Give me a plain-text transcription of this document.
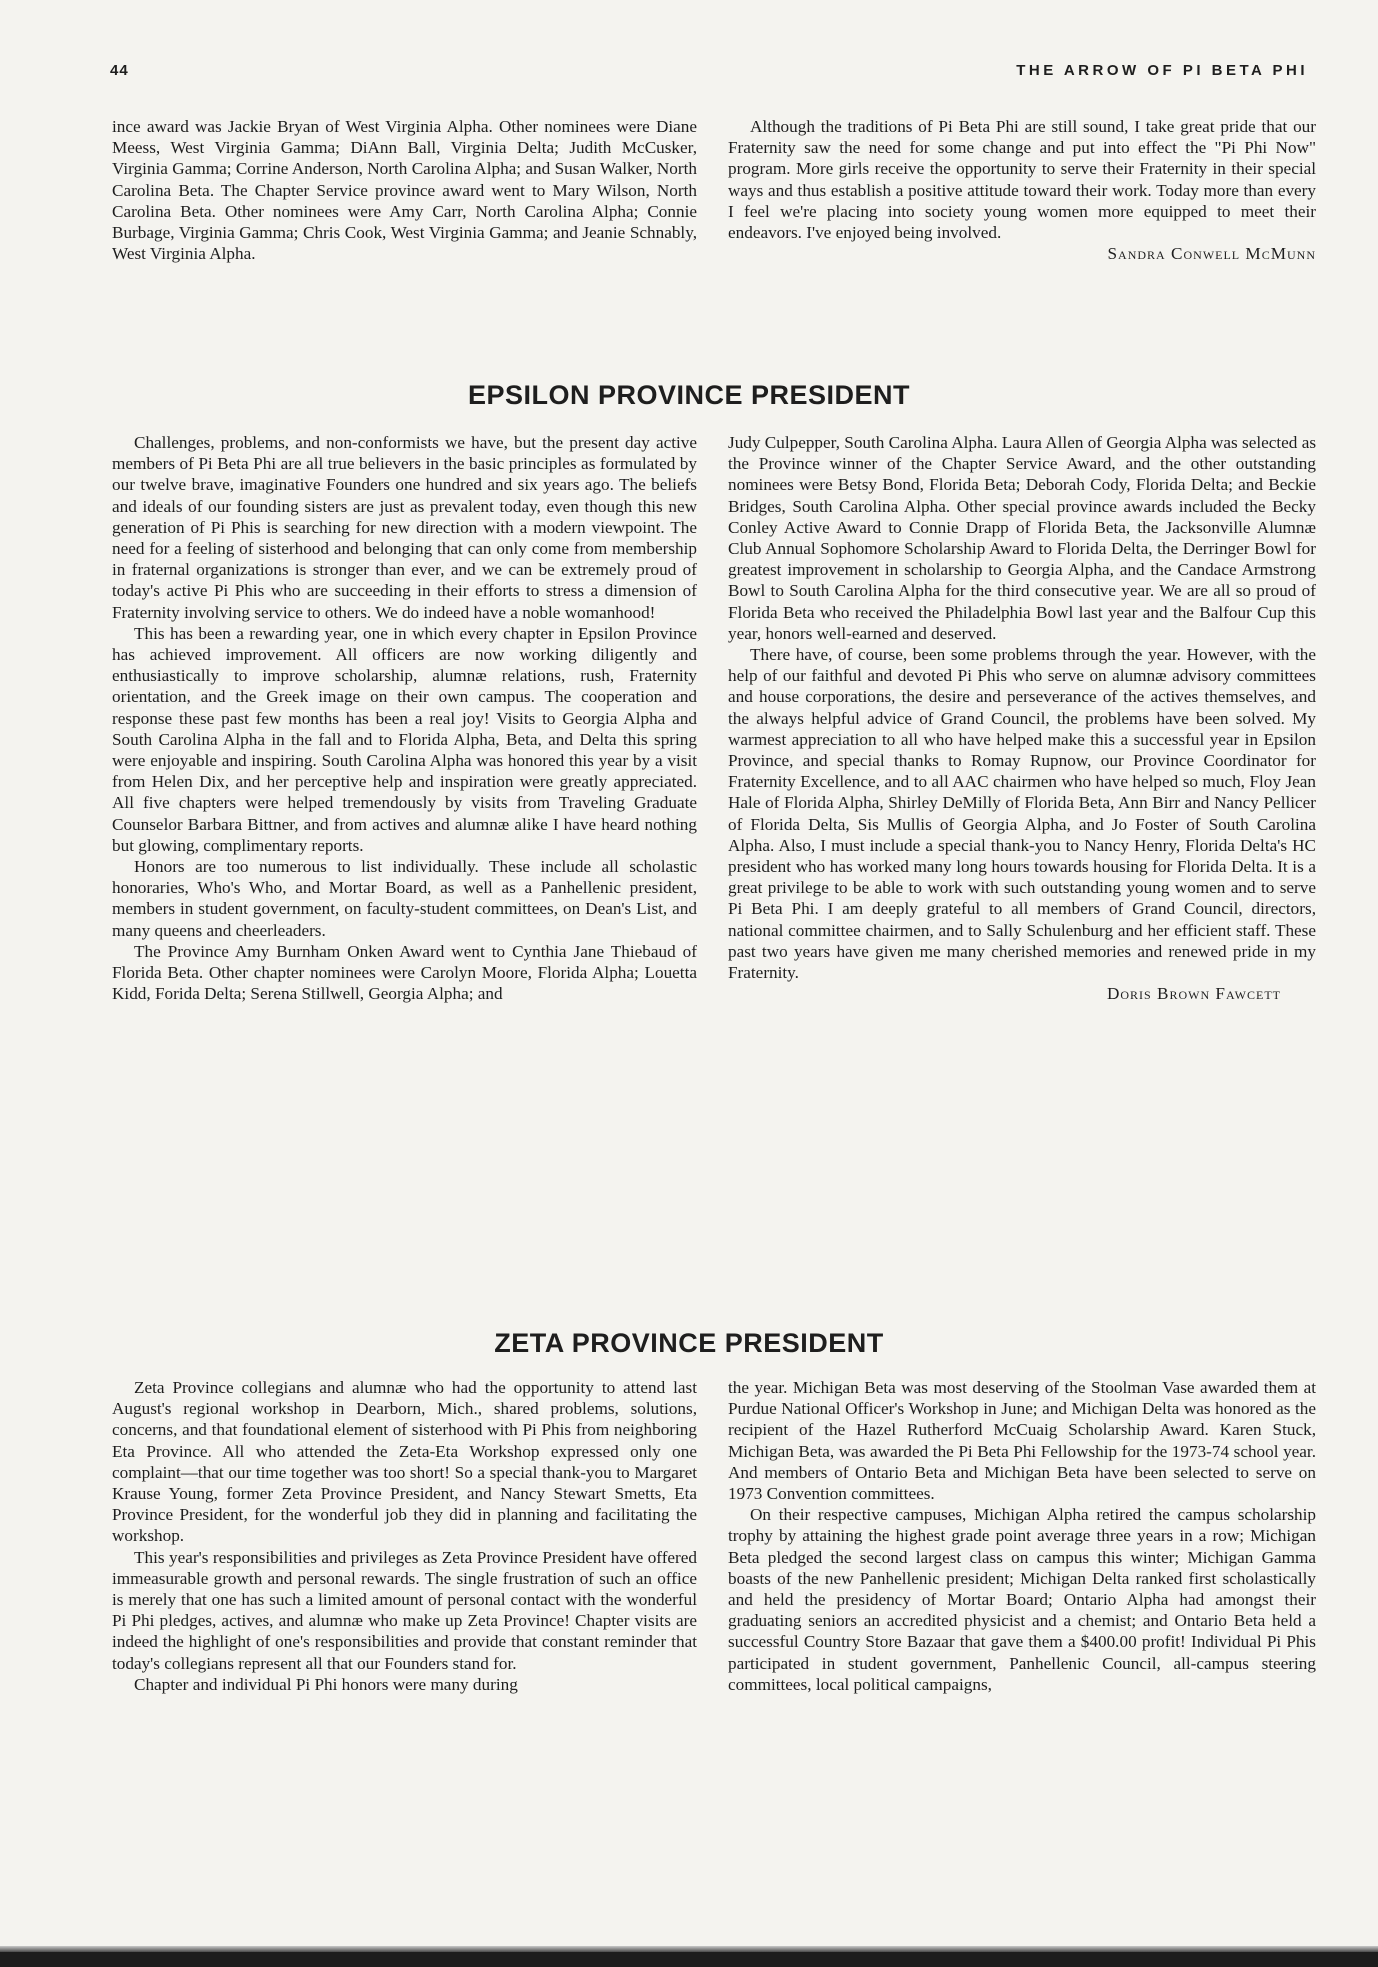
44	THE ARROW OF PI BETA PHI

ince award was Jackie Bryan of West Virginia Alpha. Other nominees were Diane Meess, West Virginia Gamma; DiAnn Ball, Virginia Delta; Judith McCusker, Virginia Gamma; Corrine Anderson, North Carolina Alpha; and Susan Walker, North Carolina Beta. The Chapter Service province award went to Mary Wilson, North Carolina Beta. Other nominees were Amy Carr, North Carolina Alpha; Connie Burbage, Virginia Gamma; Chris Cook, West Virginia Gamma; and Jeanie Schnably, West Virginia Alpha.

Although the traditions of Pi Beta Phi are still sound, I take great pride that our Fraternity saw the need for some change and put into effect the "Pi Phi Now" program. More girls receive the opportunity to serve their Fraternity in their special ways and thus establish a positive attitude toward their work. Today more than every I feel we're placing into society young women more equipped to meet their endeavors. I've enjoyed being involved.

Sandra Conwell McMunn

EPSILON PROVINCE PRESIDENT

Challenges, problems, and non-conformists we have, but the present day active members of Pi Beta Phi are all true believers in the basic principles as formulated by our twelve brave, imaginative Founders one hundred and six years ago. The beliefs and ideals of our founding sisters are just as prevalent today, even though this new generation of Pi Phis is searching for new direction with a modern viewpoint. The need for a feeling of sisterhood and belonging that can only come from membership in fraternal organizations is stronger than ever, and we can be extremely proud of today's active Pi Phis who are succeeding in their efforts to stress a dimension of Fraternity involving service to others. We do indeed have a noble womanhood!

This has been a rewarding year, one in which every chapter in Epsilon Province has achieved improvement. All officers are now working diligently and enthusiastically to improve scholarship, alumnæ relations, rush, Fraternity orientation, and the Greek image on their own campus. The cooperation and response these past few months has been a real joy! Visits to Georgia Alpha and South Carolina Alpha in the fall and to Florida Alpha, Beta, and Delta this spring were enjoyable and inspiring. South Carolina Alpha was honored this year by a visit from Helen Dix, and her perceptive help and inspiration were greatly appreciated. All five chapters were helped tremendously by visits from Traveling Graduate Counselor Barbara Bittner, and from actives and alumnæ alike I have heard nothing but glowing, complimentary reports.

Honors are too numerous to list individually. These include all scholastic honoraries, Who's Who, and Mortar Board, as well as a Panhellenic president, members in student government, on faculty-student committees, on Dean's List, and many queens and cheerleaders.

The Province Amy Burnham Onken Award went to Cynthia Jane Thiebaud of Florida Beta. Other chapter nominees were Carolyn Moore, Florida Alpha; Louetta Kidd, Forida Delta; Serena Stillwell, Georgia Alpha; and

Judy Culpepper, South Carolina Alpha. Laura Allen of Georgia Alpha was selected as the Province winner of the Chapter Service Award, and the other outstanding nominees were Betsy Bond, Florida Beta; Deborah Cody, Florida Delta; and Beckie Bridges, South Carolina Alpha. Other special province awards included the Becky Conley Active Award to Connie Drapp of Florida Beta, the Jacksonville Alumnæ Club Annual Sophomore Scholarship Award to Florida Delta, the Derringer Bowl for greatest improvement in scholarship to Georgia Alpha, and the Candace Armstrong Bowl to South Carolina Alpha for the third consecutive year. We are all so proud of Florida Beta who received the Philadelphia Bowl last year and the Balfour Cup this year, honors well-earned and deserved.

There have, of course, been some problems through the year. However, with the help of our faithful and devoted Pi Phis who serve on alumnæ advisory committees and house corporations, the desire and perseverance of the actives themselves, and the always helpful advice of Grand Council, the problems have been solved. My warmest appreciation to all who have helped make this a successful year in Epsilon Province, and special thanks to Romay Rupnow, our Province Coordinator for Fraternity Excellence, and to all AAC chairmen who have helped so much, Floy Jean Hale of Florida Alpha, Shirley DeMilly of Florida Beta, Ann Birr and Nancy Pellicer of Florida Delta, Sis Mullis of Georgia Alpha, and Jo Foster of South Carolina Alpha. Also, I must include a special thank-you to Nancy Henry, Florida Delta's HC president who has worked many long hours towards housing for Florida Delta. It is a great privilege to be able to work with such outstanding young women and to serve Pi Beta Phi. I am deeply grateful to all members of Grand Council, directors, national committee chairmen, and to Sally Schulenburg and her efficient staff. These past two years have given me many cherished memories and renewed pride in my Fraternity.

Doris Brown Fawcett

ZETA PROVINCE PRESIDENT

Zeta Province collegians and alumnæ who had the opportunity to attend last August's regional workshop in Dearborn, Mich., shared problems, solutions, concerns, and that foundational element of sisterhood with Pi Phis from neighboring Eta Province. All who attended the Zeta-Eta Workshop expressed only one complaint—that our time together was too short! So a special thank-you to Margaret Krause Young, former Zeta Province President, and Nancy Stewart Smetts, Eta Province President, for the wonderful job they did in planning and facilitating the workshop.

This year's responsibilities and privileges as Zeta Province President have offered immeasurable growth and personal rewards. The single frustration of such an office is merely that one has such a limited amount of personal contact with the wonderful Pi Phi pledges, actives, and alumnæ who make up Zeta Province! Chapter visits are indeed the highlight of one's responsibilities and provide that constant reminder that today's collegians represent all that our Founders stand for.

Chapter and individual Pi Phi honors were many during

the year. Michigan Beta was most deserving of the Stoolman Vase awarded them at Purdue National Officer's Workshop in June; and Michigan Delta was honored as the recipient of the Hazel Rutherford McCuaig Scholarship Award. Karen Stuck, Michigan Beta, was awarded the Pi Beta Phi Fellowship for the 1973-74 school year. And members of Ontario Beta and Michigan Beta have been selected to serve on 1973 Convention committees.

On their respective campuses, Michigan Alpha retired the campus scholarship trophy by attaining the highest grade point average three years in a row; Michigan Beta pledged the second largest class on campus this winter; Michigan Gamma boasts of the new Panhellenic president; Michigan Delta ranked first scholastically and held the presidency of Mortar Board; Ontario Alpha had amongst their graduating seniors an accredited physicist and a chemist; and Ontario Beta held a successful Country Store Bazaar that gave them a $400.00 profit! Individual Pi Phis participated in student government, Panhellenic Council, all-campus steering committees, local political campaigns,
